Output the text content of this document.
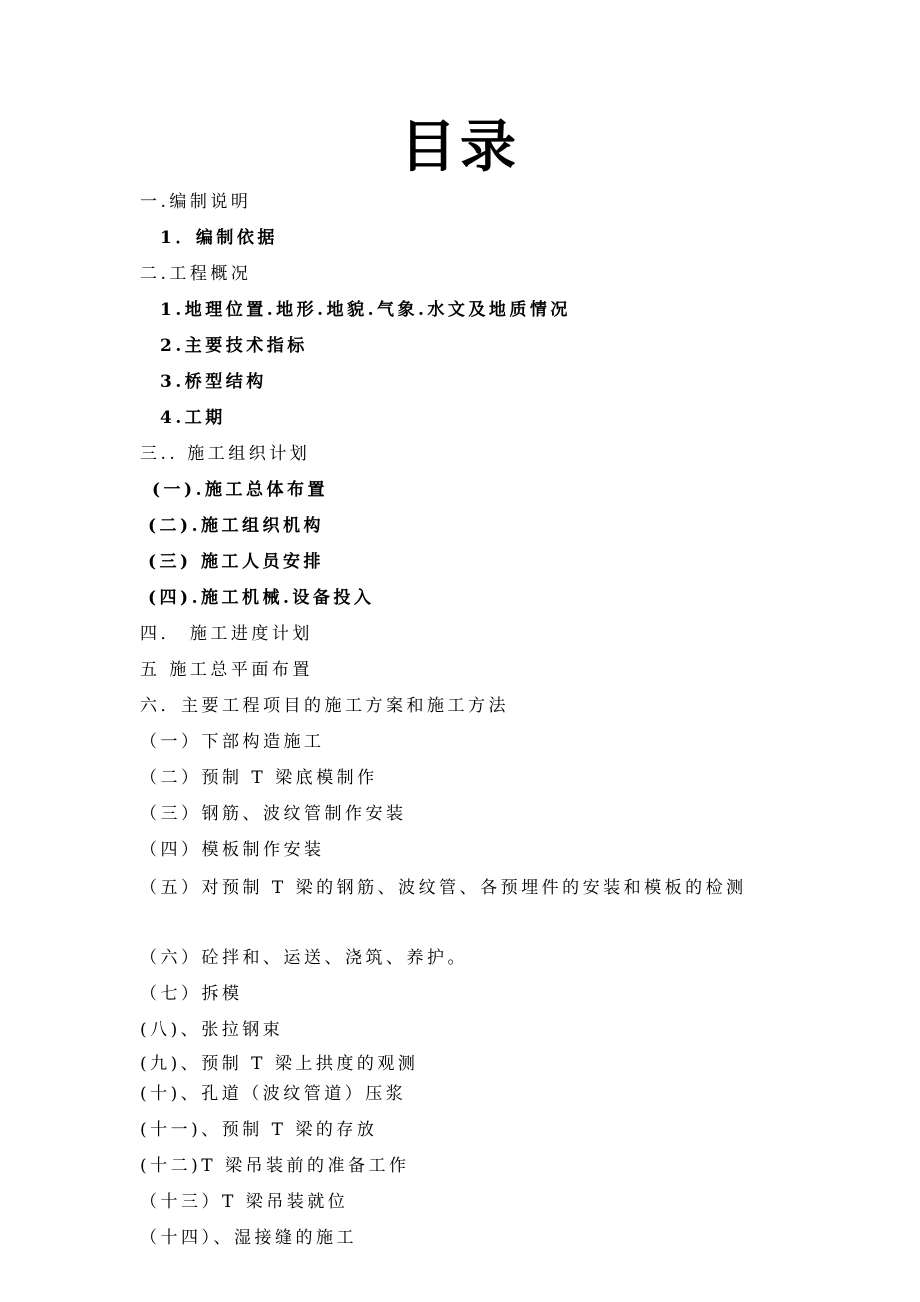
目录
一.编制说明
1．编制依据
二.工程概况
1.地理位置.地形.地貌.气象.水文及地质情况
2.主要技术指标
3.桥型结构
4.工期
三.. 施工组织计划
(一).施工总体布置
(二).施工组织机构
(三) 施工人员安排
(四).施工机械.设备投入
四． 施工进度计划
五 施工总平面布置
六．主要工程项目的施工方案和施工方法
（一）下部构造施工
（二）预制 T 梁底模制作
（三）钢筋、波纹管制作安装
（四）模板制作安装
（五）对预制 T 梁的钢筋、波纹管、各预埋件的安装和模板的检测
（六）砼拌和、运送、浇筑、养护。
（七）拆模
(八)、张拉钢束
(九)、预制 T 梁上拱度的观测
(十)、孔道（波纹管道）压浆
(十一)、预制 T 梁的存放
(十二)T 梁吊装前的准备工作
（十三）T 梁吊装就位
（十四）、湿接缝的施工
